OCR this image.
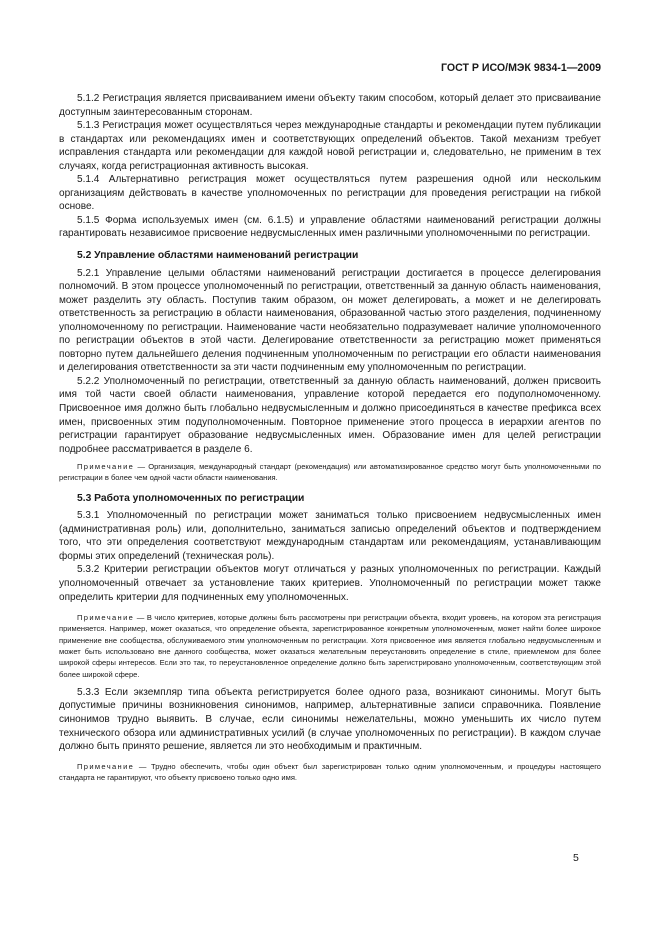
ГОСТ Р ИСО/МЭК 9834-1—2009

5.1.2 Регистрация является присваиванием имени объекту таким способом, который делает это присваивание доступным заинтересованным сторонам.

5.1.3 Регистрация может осуществляться через международные стандарты и рекомендации путем публикации в стандартах или рекомендациях имен и соответствующих определений объектов. Такой механизм требует исправления стандарта или рекомендации для каждой новой регистрации и, следовательно, не применим в тех случаях, когда регистрационная активность высокая.

5.1.4 Альтернативно регистрация может осуществляться путем разрешения одной или нескольким организациям действовать в качестве уполномоченных по регистрации для проведения регистрации на гибкой основе.

5.1.5 Форма используемых имен (см. 6.1.5) и управление областями наименований регистрации должны гарантировать независимое присвоение недвусмысленных имен различными уполномоченными по регистрации.

5.2 Управление областями наименований регистрации

5.2.1 Управление целыми областями наименований регистрации достигается в процессе делегирования полномочий. В этом процессе уполномоченный по регистрации, ответственный за данную область наименования, может разделить эту область. Поступив таким образом, он может делегировать, а может и не делегировать ответственность за регистрацию в области наименования, образованной частью этого разделения, подчиненному уполномоченному по регистрации. Наименование части необязательно подразумевает наличие уполномоченного по регистрации объектов в этой части. Делегирование ответственности за регистрацию может применяться повторно путем дальнейшего деления подчиненным уполномоченным по регистрации его области наименования и делегирования ответственности за эти части подчиненным ему уполномоченным по регистрации.

5.2.2 Уполномоченный по регистрации, ответственный за данную область наименований, должен присвоить имя той части своей области наименования, управление которой передается его подуполномоченному. Присвоенное имя должно быть глобально недвусмысленным и должно присоединяться в качестве префикса всех имен, присвоенных этим подуполномоченным. Повторное применение этого процесса в иерархии агентов по регистрации гарантирует образование недвусмысленных имен. Образование имен для целей регистрации подробнее рассматривается в разделе 6.

Примечание — Организация, международный стандарт (рекомендация) или автоматизированное средство могут быть уполномоченными по регистрации в более чем одной части области наименования.

5.3 Работа уполномоченных по регистрации

5.3.1 Уполномоченный по регистрации может заниматься только присвоением недвусмысленных имен (административная роль) или, дополнительно, заниматься записью определений объектов и подтверждением того, что эти определения соответствуют международным стандартам или рекомендациям, устанавливающим формы этих определений (техническая роль).

5.3.2 Критерии регистрации объектов могут отличаться у разных уполномоченных по регистрации. Каждый уполномоченный отвечает за установление таких критериев. Уполномоченный по регистрации может также определить критерии для подчиненных ему уполномоченных.

Примечание — В число критериев, которые должны быть рассмотрены при регистрации объекта, входит уровень, на котором эта регистрация применяется. Например, может оказаться, что определение объекта, зарегистрированное конкретным уполномоченным, может найти более широкое применение вне сообщества, обслуживаемого этим уполномоченным по регистрации. Хотя присвоенное имя является глобально недвусмысленным и может быть использовано вне данного сообщества, может оказаться желательным переустановить определение в стиле, приемлемом для более широкой сферы интересов. Если это так, то переустановленное определение должно быть зарегистрировано уполномоченным, соответствующим этой более широкой сфере.

5.3.3 Если экземпляр типа объекта регистрируется более одного раза, возникают синонимы. Могут быть допустимые причины возникновения синонимов, например, альтернативные записи справочника. Появление синонимов трудно выявить. В случае, если синонимы нежелательны, можно уменьшить их число путем технического обзора или административных усилий (в случае уполномоченных по регистрации). В каждом случае должно быть принято решение, является ли это необходимым и практичным.

Примечание — Трудно обеспечить, чтобы один объект был зарегистрирован только одним уполномоченным, и процедуры настоящего стандарта не гарантируют, что объекту присвоено только одно имя.

5
